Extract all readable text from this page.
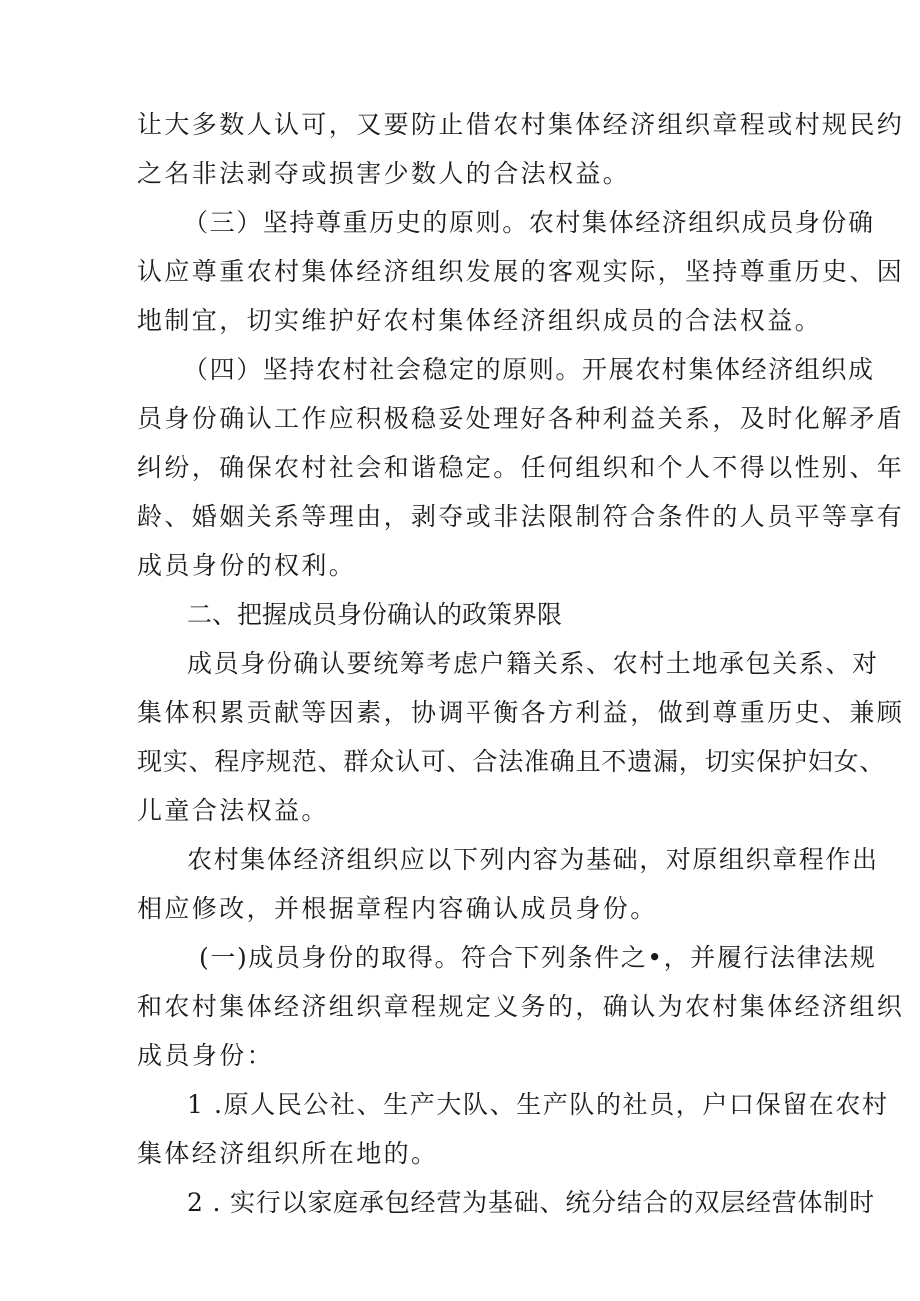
让大多数人认可，又要防止借农村集体经济组织章程或村规民约
之名非法剥夺或损害少数人的合法权益。
（三）坚持尊重历史的原则。农村集体经济组织成员身份确
认应尊重农村集体经济组织发展的客观实际，坚持尊重历史、因
地制宜，切实维护好农村集体经济组织成员的合法权益。
（四）坚持农村社会稳定的原则。开展农村集体经济组织成
员身份确认工作应积极稳妥处理好各种利益关系，及时化解矛盾
纠纷，确保农村社会和谐稳定。任何组织和个人不得以性别、年
龄、婚姻关系等理由，剥夺或非法限制符合条件的人员平等享有
成员身份的权利。
二、把握成员身份确认的政策界限
成员身份确认要统筹考虑户籍关系、农村土地承包关系、对
集体积累贡献等因素，协调平衡各方利益，做到尊重历史、兼顾
现实、程序规范、群众认可、合法准确且不遗漏，切实保护妇女、
儿童合法权益。
农村集体经济组织应以下列内容为基础，对原组织章程作出
相应修改，并根据章程内容确认成员身份。
(一)成员身份的取得。符合下列条件之•，并履行法律法规
和农村集体经济组织章程规定义务的，确认为农村集体经济组织
成员身份：
1 .原人民公社、生产大队、生产队的社员，户口保留在农村
集体经济组织所在地的。
2 . 实行以家庭承包经营为基础、统分结合的双层经营体制时
